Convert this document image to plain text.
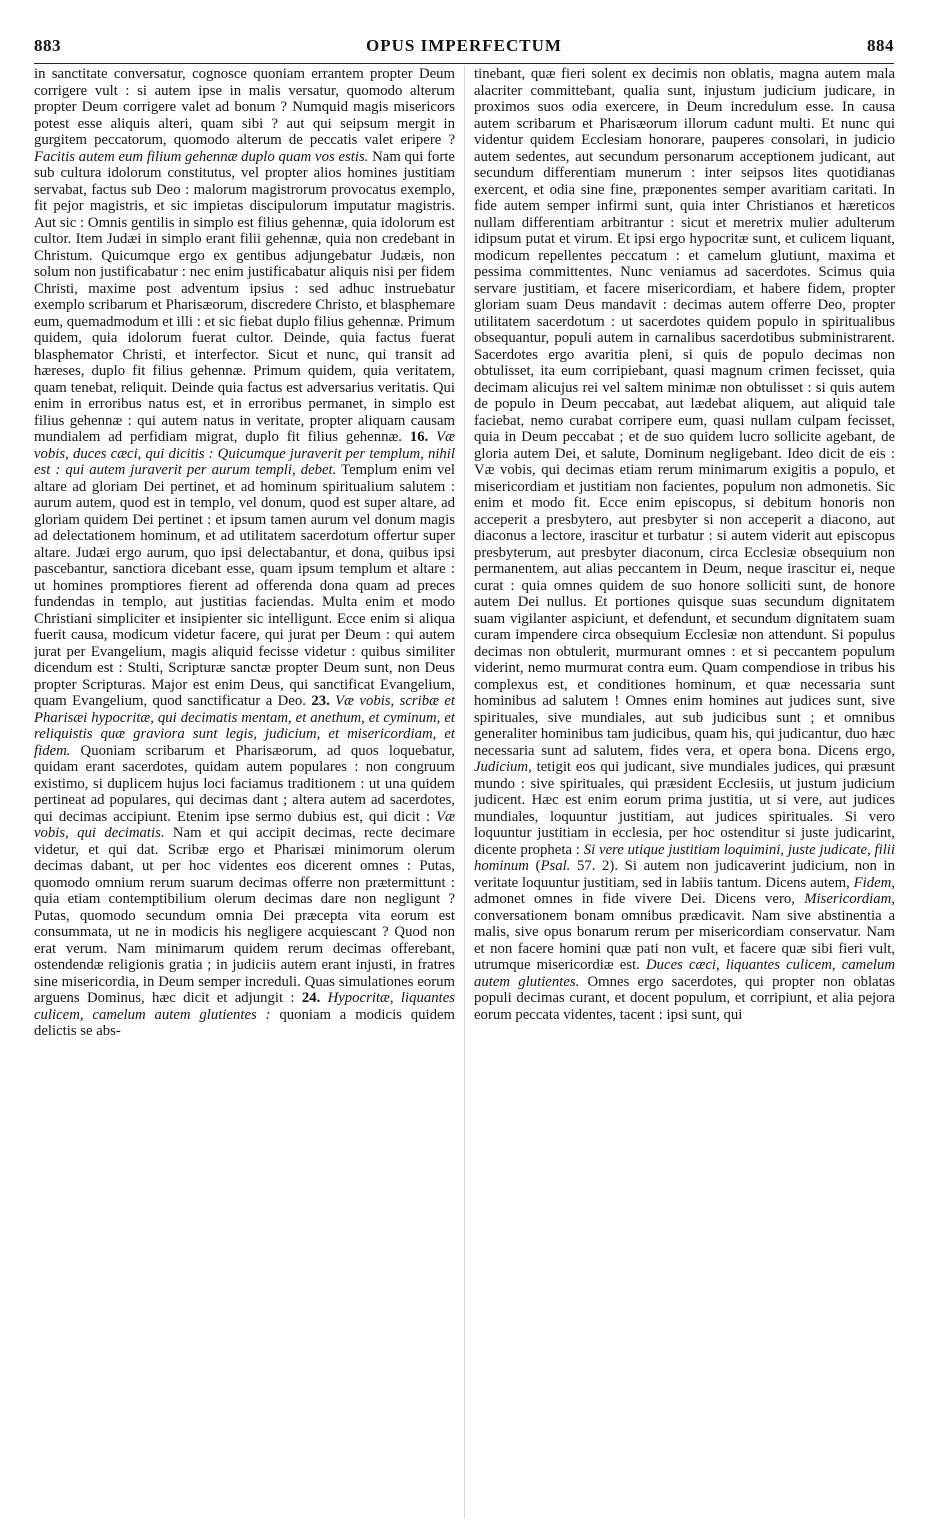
883	OPUS IMPERFECTUM	884

in sanctitate conversatur, cognosce quoniam errantem propter Deum corrigere vult : si autem ipse in malis versatur, quomodo alterum propter Deum corrigere valet ad bonum ? Numquid magis misericors potest esse aliquis alteri, quam sibi ? aut qui seipsum mergit in gurgitem peccatorum, quomodo alterum de peccatis valet eripere ? Facitis autem eum filium gehennæ duplo quam vos estis. Nam qui forte sub cultura idolorum constitutus, vel propter alios homines justitiam servabat, factus sub Deo : malorum magistrorum provocatus exemplo, fit pejor magistris, et sic impietas discipulorum imputatur magistris. Aut sic : Omnis gentilis in simplo est filius gehennæ, quia idolorum est cultor. Item Judæi in simplo erant filii gehennæ, quia non credebant in Christum. Quicumque ergo ex gentibus adjungebatur Judæis, non solum non justificabatur : nec enim justificabatur aliquis nisi per fidem Christi, maxime post adventum ipsius : sed adhuc instruebatur exemplo scribarum et Pharisæorum, discredere Christo, et blasphemare eum, quemadmodum et illi : et sic fiebat duplo filius gehennæ. Primum quidem, quia idolorum fuerat cultor. Deinde, quia factus fuerat blasphemator Christi, et interfector. Sicut et nunc, qui transit ad hæreses, duplo fit filius gehennæ. Primum quidem, quia veritatem, quam tenebat, reliquit. Deinde quia factus est adversarius veritatis. Qui enim in erroribus natus est, et in erroribus permanet, in simplo est filius gehennæ : qui autem natus in veritate, propter aliquam causam mundialem ad perfidiam migrat, duplo fit filius gehennæ. 16. Væ vobis, duces cæci, qui dicitis : Quicumque juraverit per templum, nihil est : qui autem juraverit per aurum templi, debet. Templum enim vel altare ad gloriam Dei pertinet, et ad hominum spiritualium salutem : aurum autem, quod est in templo, vel donum, quod est super altare, ad gloriam quidem Dei pertinet : et ipsum tamen aurum vel donum magis ad delectationem hominum, et ad utilitatem sacerdotum offertur super altare. Judæi ergo aurum, quo ipsi delectabantur, et dona, quibus ipsi pascebantur, sanctiora dicebant esse, quam ipsum templum et altare : ut homines promptiores fierent ad offerenda dona quam ad preces fundendas in templo, aut justitias faciendas. Multa enim et modo Christiani simpliciter et insipienter sic intelligunt. Ecce enim si aliqua fuerit causa, modicum videtur facere, qui jurat per Deum : qui autem jurat per Evangelium, magis aliquid fecisse videtur : quibus similiter dicendum est : Stulti, Scripturæ sanctæ propter Deum sunt, non Deus propter Scripturas. Major est enim Deus, qui sanctificat Evangelium, quam Evangelium, quod sanctificatur a Deo. 23. Væ vobis, scribæ et Pharisæi hypocritæ, qui decimatis mentam, et anethum, et cyminum, et reliquistis quæ graviora sunt legis, judicium, et misericordiam, et fidem. Quoniam scribarum et Pharisæorum, ad quos loquebatur, quidam erant sacerdotes, quidam autem populares : non congruum existimo, si duplicem hujus loci faciamus traditionem : ut una quidem pertineat ad populares, qui decimas dant ; altera autem ad sacerdotes, qui decimas accipiunt. Etenim ipse sermo dubius est, qui dicit : Væ vobis, qui decimatis. Nam et qui accipit decimas, recte decimare videtur, et qui dat. Scribæ ergo et Pharisæi minimorum olerum decimas dabant, ut per hoc videntes eos dicerent omnes : Putas, quomodo omnium rerum suarum decimas offerre non prætermittunt : quia etiam contemptibilium olerum decimas dare non negligunt ? Putas, quomodo secundum omnia Dei præcepta vita eorum est consummata, ut ne in modicis his negligere acquiescant ? Quod non erat verum. Nam minimarum quidem rerum decimas offerebant, ostendendæ religionis gratia ; in judiciis autem erant injusti, in fratres sine misericordia, in Deum semper increduli. Quas simulationes eorum arguens Dominus, hæc dicit et adjungit : 24. Hypocritæ, liquantes culicem, camelum autem glutientes : quoniam a modicis quidem delictis se abs-

tinebant, quæ fieri solent ex decimis non oblatis, magna autem mala alacriter committebant, qualia sunt, injustum judicium judicare, in proximos suos odia exercere, in Deum incredulum esse. In causa autem scribarum et Pharisæorum illorum cadunt multi. Et nunc qui videntur quidem Ecclesiam honorare, pauperes consolari, in judicio autem sedentes, aut secundum personarum acceptionem judicant, aut secundum differentiam munerum : inter seipsos lites quotidianas exercent, et odia sine fine, præponentes semper avaritiam caritati. In fide autem semper infirmi sunt, quia inter Christianos et hæreticos nullam differentiam arbitrantur : sicut et meretrix mulier adulterum idipsum putat et virum. Et ipsi ergo hypocritæ sunt, et culicem liquant, modicum repellentes peccatum : et camelum glutiunt, maxima et pessima committentes. Nunc veniamus ad sacerdotes. Scimus quia servare justitiam, et facere misericordiam, et habere fidem, propter gloriam suam Deus mandavit : decimas autem offerre Deo, propter utilitatem sacerdotum : ut sacerdotes quidem populo in spiritualibus obsequantur, populi autem in carnalibus sacerdotibus subministrarent. Sacerdotes ergo avaritia pleni, si quis de populo decimas non obtulisset, ita eum corripiebant, quasi magnum crimen fecisset, quia decimam alicujus rei vel saltem minimæ non obtulisset : si quis autem de populo in Deum peccabat, aut lædebat aliquem, aut aliquid tale faciebat, nemo curabat corripere eum, quasi nullam culpam fecisset, quia in Deum peccabat ; et de suo quidem lucro sollicite agebant, de gloria autem Dei, et salute, Dominum negligebant. Ideo dicit de eis : Væ vobis, qui decimas etiam rerum minimarum exigitis a populo, et misericordiam et justitiam non facientes, populum non admonetis. Sic enim et modo fit. Ecce enim episcopus, si debitum honoris non acceperit a presbytero, aut presbyter si non acceperit a diacono, aut diaconus a lectore, irascitur et turbatur : si autem viderit aut episcopus presbyterum, aut presbyter diaconum, circa Ecclesiæ obsequium non permanentem, aut alias peccantem in Deum, neque irascitur ei, neque curat : quia omnes quidem de suo honore solliciti sunt, de honore autem Dei nullus. Et portiones quisque suas secundum dignitatem suam vigilanter aspiciunt, et defendunt, et secundum dignitatem suam curam impendere circa obsequium Ecclesiæ non attendunt. Si populus decimas non obtulerit, murmurant omnes : et si peccantem populum viderint, nemo murmurat contra eum. Quam compendiose in tribus his complexus est, et conditiones hominum, et quæ necessaria sunt hominibus ad salutem ! Omnes enim homines aut judices sunt, sive spirituales, sive mundiales, aut sub judicibus sunt ; et omnibus generaliter hominibus tam judicibus, quam his, qui judicantur, duo hæc necessaria sunt ad salutem, fides vera, et opera bona. Dicens ergo, Judicium, tetigit eos qui judicant, sive mundiales judices, qui præsunt mundo : sive spirituales, qui præsident Ecclesiis, ut justum judicium judicent. Hæc est enim eorum prima justitia, ut si vere, aut judices mundiales, loquuntur justitiam, aut judices spirituales. Si vero loquuntur justitiam in ecclesia, per hoc ostenditur si juste judicarint, dicente propheta : Si vere utique justitiam loquimini, juste judicate, filii hominum (Psal. 57. 2). Si autem non judicaverint judicium, non in veritate loquuntur justitiam, sed in labiis tantum. Dicens autem, Fidem, admonet omnes in fide vivere Dei. Dicens vero, Misericordiam, conversationem bonam omnibus prædicavit. Nam sive abstinentia a malis, sive opus bonarum rerum per misericordiam conservatur. Nam et non facere homini quæ pati non vult, et facere quæ sibi fieri vult, utrumque misericordiæ est. Duces cæci, liquantes culicem, camelum autem glutientes. Omnes ergo sacerdotes, qui propter non oblatas populi decimas curant, et docent populum, et corripiunt, et alia pejora eorum peccata videntes, tacent : ipsi sunt, qui
